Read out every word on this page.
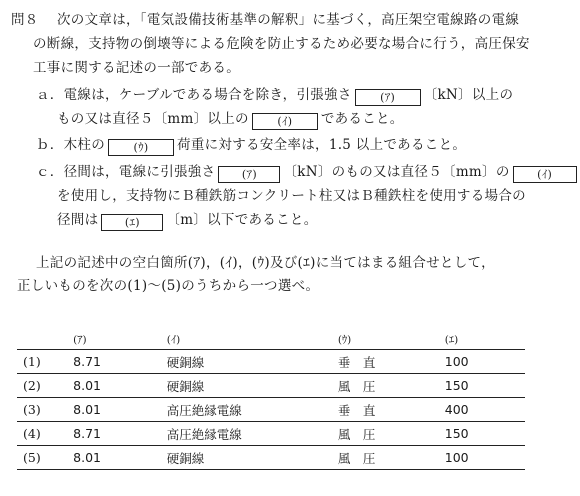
問８ 次の文章は，「電気設備技術基準の解釈」に基づく，高圧架空電線路の電線
の断線，支持物の倒壊等による危険を防止するため必要な場合に行う，高圧保安
工事に関する記述の一部である。
ａ．電線は，ケーブルである場合を除き，引張強さ	(ｱ) 〔kN〕以上の
もの又は直径５〔mm〕以上の	(ｲ) であること。
ｂ．木柱の	(ｳ) 荷重に対する安全率は，1.5 以上であること。
ｃ．径間は，電線に引張強さ (ｱ) 〔kN〕のもの又は直径５〔mm〕の	(ｲ)
を使用し，支持物にＢ種鉄筋コンクリート柱又はＢ種鉄柱を使用する場合の
径間は (ｴ) 〔m〕以下であること。
上記の記述中の空白箇所(ｱ)，(ｲ)，(ｳ)及び(ｴ)に当てはまる組合せとして，
正しいものを次の(1)～(5)のうちから一つ選べ。
	(ｱ)	(ｲ)	(ｳ)	(ｴ)
(1)	8.71	硬銅線	垂　直	100
(2)	8.01	硬銅線	風　圧	150
(3)	8.01	高圧絶縁電線	垂　直	400
(4)	8.71	高圧絶縁電線	風　圧	150
(5)	8.01	硬銅線	風　圧	100
